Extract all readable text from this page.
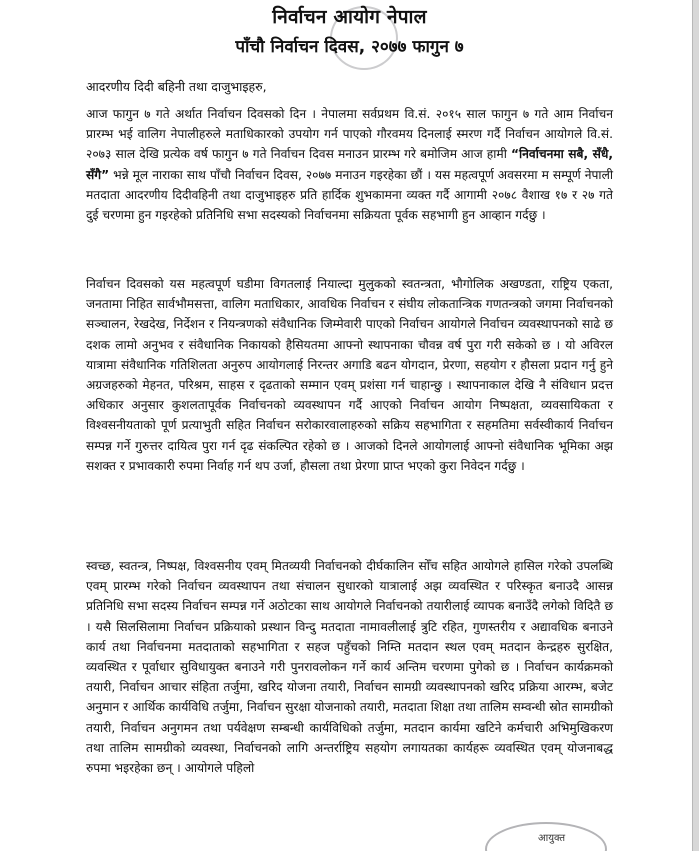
निर्वाचन आयोग नेपाल
पाँचौ निर्वाचन दिवस, २०७७ फागुन ७
आदरणीय दिदी बहिनी तथा दाजुभाइहरु,

आज फागुन ७ गते अर्थात निर्वाचन दिवसको दिन । नेपालमा सर्वप्रथम वि.सं. २०१५ साल फागुन ७ गते आम निर्वाचन प्रारम्भ भई वालिग नेपालीहरुले मताधिकारको उपयोग गर्न पाएको गौरवमय दिनलाई स्मरण गर्दै निर्वाचन आयोगले वि.सं. २०७३ साल देखि प्रत्येक वर्ष फागुन ७ गते निर्वाचन दिवस मनाउन प्रारम्भ गरे बमोजिम आज हामी “निर्वाचनमा सबै, सँधै, सँगै” भन्ने मूल नाराका साथ पाँचौ निर्वाचन दिवस, २०७७ मनाउन गइरहेका छौं । यस महत्वपूर्ण अवसरमा म सम्पूर्ण नेपाली मतदाता आदरणीय दिदीवहिनी तथा दाजुभाइहरु प्रति हार्दिक शुभकामना व्यक्त गर्दै आगामी २०७८ वैशाख १७ र २७ गते दुई चरणमा हुन गइरहेको प्रतिनिधि सभा सदस्यको निर्वाचनमा सक्रियता पूर्वक सहभागी हुन आव्हान गर्दछु ।

निर्वाचन दिवसको यस महत्वपूर्ण घडीमा विगतलाई नियाल्दा मुलुकको स्वतन्त्रता, भौगोलिक अखण्डता, राष्ट्रिय एकता, जनतामा निहित सार्वभौमसत्ता, वालिग मताधिकार, आवधिक निर्वाचन र संघीय लोकतान्त्रिक गणतन्त्रको जगमा निर्वाचनको सञ्चालन, रेखदेख, निर्देशन र नियन्त्रणको संवैधानिक जिम्मेवारी पाएको निर्वाचन आयोगले निर्वाचन व्यवस्थापनको साढे छ दशक लामो अनुभव र संवैधानिक निकायको हैसियतमा आफ्नो स्थापनाका चौवन्न वर्ष पुरा गरी सकेको छ । यो अविरल यात्रामा संवैधानिक गतिशिलता अनुरुप आयोगलाई निरन्तर अगाडि बढन योगदान, प्रेरणा, सहयोग र हौसला प्रदान गर्नु हुने अग्रजहरुको मेहनत, परिश्रम, साहस र दृढताको सम्मान एवम् प्रशंसा गर्न चाहान्छु । स्थापनाकाल देखि नै संविधान प्रदत्त अधिकार अनुसार कुशलतापूर्वक निर्वाचनको व्यवस्थापन गर्दै आएको निर्वाचन आयोग निष्पक्षता, व्यवसायिकता र विश्वसनीयताको पूर्ण प्रत्याभुती सहित निर्वाचन सरोकारवालाहरुको सक्रिय सहभागिता र सहमतिमा सर्वस्वीकार्य निर्वाचन सम्पन्न गर्ने गुरुत्तर दायित्व पुरा गर्न दृढ संकल्पित रहेको छ । आजको दिनले आयोगलाई आफ्नो संवैधानिक भूमिका अझ सशक्त र प्रभावकारी रुपमा निर्वाह गर्न थप उर्जा, हौसला तथा प्रेरणा प्राप्त भएको कुरा निवेदन गर्दछु ।

स्वच्छ, स्वतन्त्र, निष्पक्ष, विश्वसनीय एवम् मितव्ययी निर्वाचनको दीर्घकालिन सोँच सहित आयोगले हासिल गरेको उपलब्धि एवम् प्रारम्भ गरेको निर्वाचन व्यवस्थापन तथा संचालन सुधारको यात्रालाई अझ व्यवस्थित र परिस्कृत बनाउदै आसन्न प्रतिनिधि सभा सदस्य निर्वाचन सम्पन्न गर्ने अठोटका साथ आयोगले निर्वाचनको तयारीलाई व्यापक बनाउँदै लगेको विदितै छ । यसै सिलसिलामा निर्वाचन प्रक्रियाको प्रस्थान विन्दु मतदाता नामावलीलाई त्रुटि रहित, गुणस्तरीय र अद्यावधिक बनाउने कार्य तथा निर्वाचनमा मतदाताको सहभागिता र सहज पहुँचको निम्ति मतदान स्थल एवम् मतदान केन्द्रहरु सुरक्षित, व्यवस्थित र पूर्वाधार सुविधायुक्त बनाउने गरी पुनरावलोकन गर्ने कार्य अन्तिम चरणमा पुगेको छ । निर्वाचन कार्यक्रमको तयारी, निर्वाचन आचार संहिता तर्जुमा, खरिद योजना तयारी, निर्वाचन सामग्री व्यवस्थापनको खरिद प्रक्रिया आरम्भ, बजेट अनुमान र आर्थिक कार्यविधि तर्जुमा, निर्वाचन सुरक्षा योजनाको तयारी, मतदाता शिक्षा तथा तालिम सम्वन्धी स्रोत सामग्रीको तयारी, निर्वाचन अनुगमन तथा पर्यवेक्षण सम्बन्धी कार्यविधिको तर्जुमा, मतदान कार्यमा खटिने कर्मचारी अभिमुखिकरण तथा तालिम सामग्रीको व्यवस्था, निर्वाचनको लागि अन्तर्राष्ट्रिय सहयोग लगायतका कार्यहरू व्यवस्थित एवम् योजनाबद्ध रुपमा भइरहेका छन् । आयोगले पहिलो

आयुक्त
